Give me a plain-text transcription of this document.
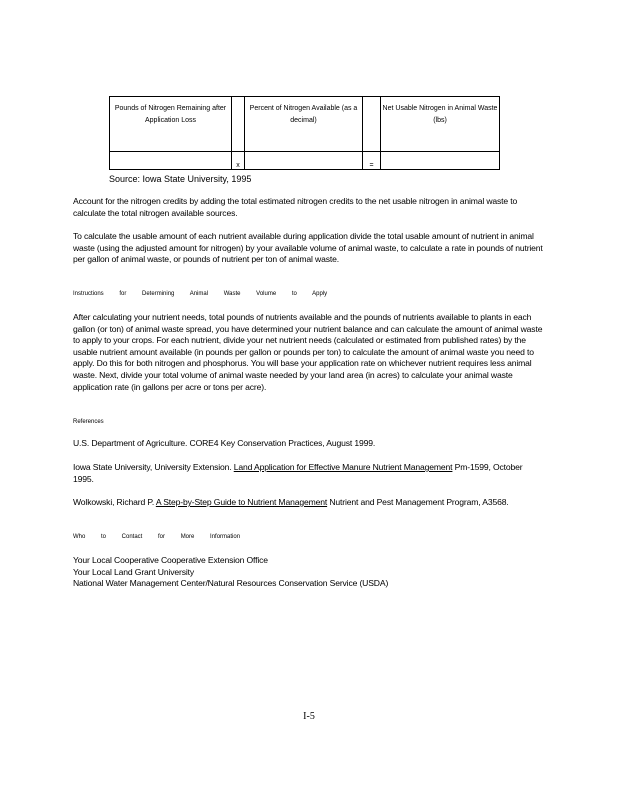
Pounds of Nitrogen Remaining after Application Loss		Percent of Nitrogen Available (as a decimal)		Net Usable Nitrogen in Animal Waste (lbs)

	x		=	
Source: Iowa State University, 1995

Account for the nitrogen credits by adding the total estimated nitrogen credits to the net usable nitrogen in animal waste to calculate the total nitrogen available sources.

To calculate the usable amount of each nutrient available during application divide the total usable amount of nutrient in animal waste (using the adjusted amount for nitrogen) by your available volume of animal waste, to calculate a rate in pounds of nutrient per gallon of animal waste, or pounds of nutrient per ton of animal waste.

Instructions for Determining Animal Waste Volume to Apply

After calculating your nutrient needs, total pounds of nutrients available and the pounds of nutrients available to plants in each gallon (or ton) of animal waste spread, you have determined your nutrient balance and can calculate the amount of animal waste to apply to your crops. For each nutrient, divide your net nutrient needs (calculated or estimated from published rates) by the usable nutrient amount available (in pounds per gallon or pounds per ton) to calculate the amount of animal waste you need to apply. Do this for both nitrogen and phosphorus. You will base your application rate on whichever nutrient requires less animal waste. Next, divide your total volume of animal waste needed by your land area (in acres) to calculate your animal waste application rate (in gallons per acre or tons per acre).

References

U.S. Department of Agriculture. CORE4 Key Conservation Practices, August 1999.

Iowa State University, University Extension. Land Application for Effective Manure Nutrient Management Pm-1599, October 1995.

Wolkowski, Richard P. A Step-by-Step Guide to Nutrient Management Nutrient and Pest Management Program, A3568.

Who to Contact for More Information

Your Local Cooperative Cooperative Extension Office

Your Local Land Grant University

National Water Management Center/Natural Resources Conservation Service (USDA)

I-5
